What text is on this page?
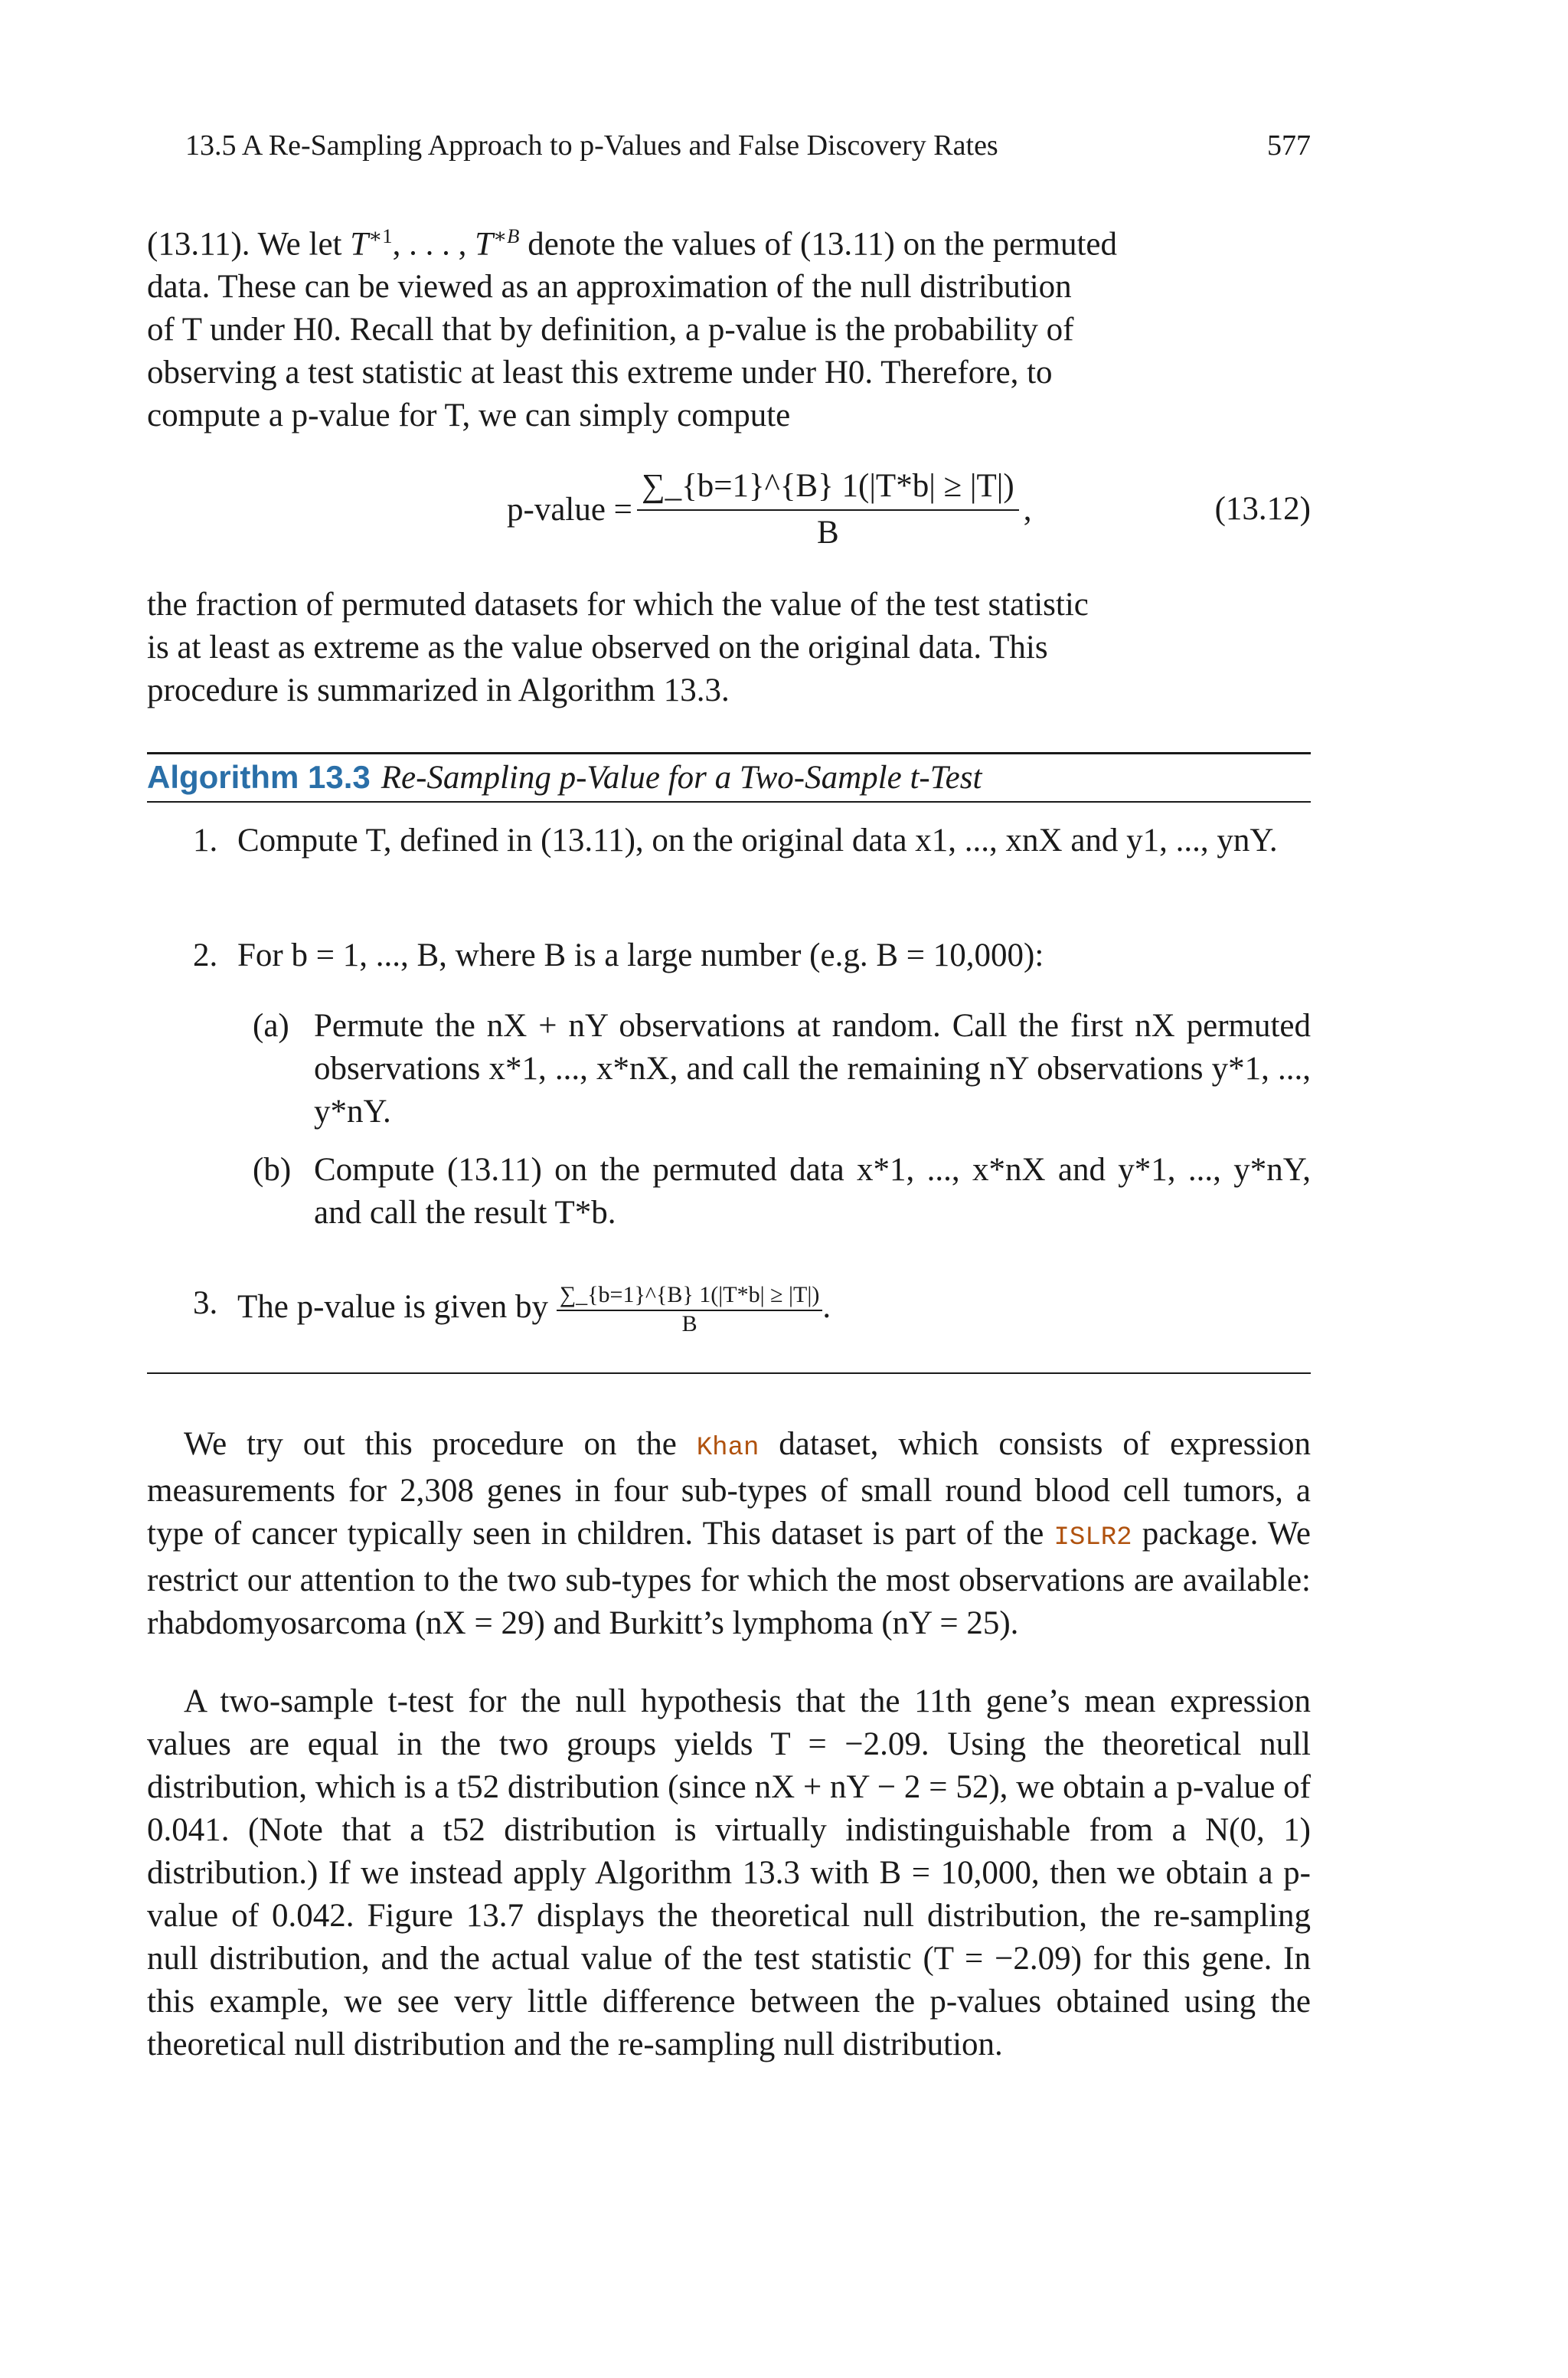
13.5 A Re-Sampling Approach to p-Values and False Discovery Rates	577
(13.11). We let $T^{∗1}$, . . . , $T^{∗B}$ denote the values of (13.11) on the permuted
data. These can be viewed as an approximation of the null distribution
of T under H0. Recall that by definition, a p-value is the probability of
observing a test statistic at least this extreme under H0. Therefore, to
compute a p-value for T, we can simply compute
p-value = $\frac{\sum\_\{b=1\}\^{}\{B\} 1(|T*b| \ge |T|)}{B}$ ,	(13.12)
the fraction of permuted datasets for which the value of the test statistic
is at least as extreme as the value observed on the original data. This
procedure is summarized in Algorithm 13.3.
Algorithm 13.3 Re-Sampling p-Value for a Two-Sample t-Test
1. Compute T, defined in (13.11), on the original data x1, ..., xnX and y1, ..., ynY.
2. For b = 1, ..., B, where B is a large number (e.g. B = 10,000):
(a) Permute the nX + nY observations at random. Call the first nX permuted observations x*1, ..., x*nX, and call the remaining nY observations y*1, ..., y*nY.
(b) Compute (13.11) on the permuted data x*1, ..., x*nX and y*1, ..., y*nY, and call the result T*b.
3. The p-value is given by $\frac{\sum\_\{b=1\}\^{}\{B\} 1(|T*b| \ge |T|)}{B}$ .
We try out this procedure on the Khan dataset, which consists of expression measurements for 2,308 genes in four sub-types of small round blood cell tumors, a type of cancer typically seen in children. This dataset is part of the ISLR2 package. We restrict our attention to the two sub-types for which the most observations are available: rhabdomyosarcoma (nX = 29) and Burkitt’s lymphoma (nY = 25).
A two-sample t-test for the null hypothesis that the 11th gene’s mean expression values are equal in the two groups yields T = −2.09. Using the theoretical null distribution, which is a t52 distribution (since nX + nY − 2 = 52), we obtain a p-value of 0.041. (Note that a t52 distribution is virtually indistinguishable from a N(0, 1) distribution.) If we instead apply Algorithm 13.3 with B = 10,000, then we obtain a p-value of 0.042. Figure 13.7 displays the theoretical null distribution, the re-sampling null distribution, and the actual value of the test statistic (T = −2.09) for this gene. In this example, we see very little difference between the p-values obtained using the theoretical null distribution and the re-sampling null distribution.
